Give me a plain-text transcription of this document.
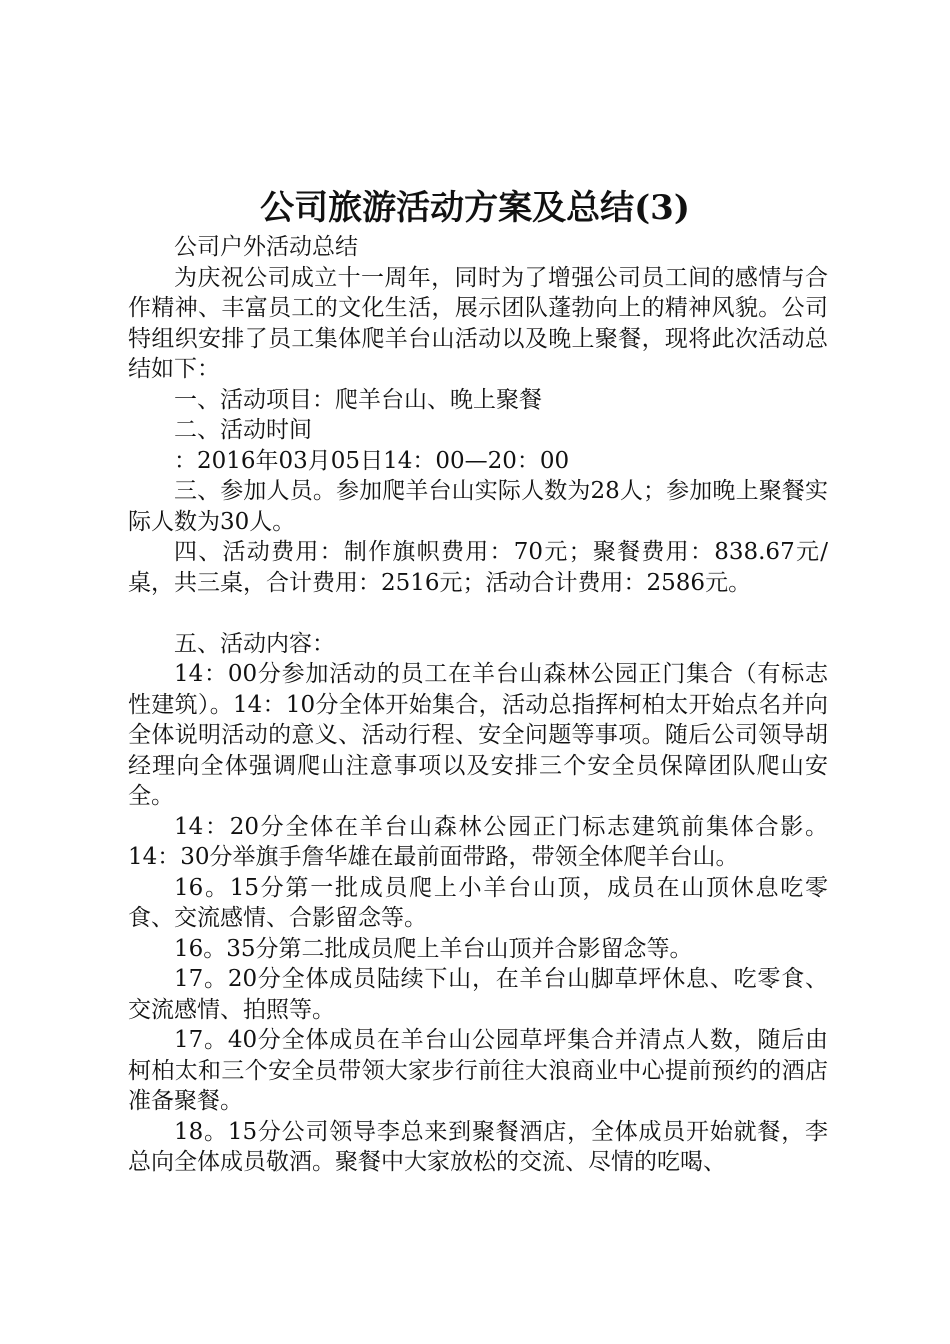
公司旅游活动方案及总结(3)

公司户外活动总结

为庆祝公司成立十一周年，同时为了增强公司员工间的感情与合作精神、丰富员工的文化生活，展示团队蓬勃向上的精神风貌。公司特组织安排了员工集体爬羊台山活动以及晚上聚餐，现将此次活动总结如下：

一、活动项目：爬羊台山、晚上聚餐

二、活动时间

：2016年03月05日14：00—20：00

三、参加人员。参加爬羊台山实际人数为28人；参加晚上聚餐实际人数为30人。

四、活动费用：制作旗帜费用：70元；聚餐费用：838.67元/桌，共三桌，合计费用：2516元；活动合计费用：2586元。

五、活动内容：

14：00分参加活动的员工在羊台山森林公园正门集合（有标志性建筑）。14：10分全体开始集合，活动总指挥柯柏太开始点名并向全体说明活动的意义、活动行程、安全问题等事项。随后公司领导胡经理向全体强调爬山注意事项以及安排三个安全员保障团队爬山安全。

14：20分全体在羊台山森林公园正门标志建筑前集体合影。14：30分举旗手詹华雄在最前面带路，带领全体爬羊台山。

16。15分第一批成员爬上小羊台山顶，成员在山顶休息吃零食、交流感情、合影留念等。

16。35分第二批成员爬上羊台山顶并合影留念等。

17。20分全体成员陆续下山，在羊台山脚草坪休息、吃零食、交流感情、拍照等。

17。40分全体成员在羊台山公园草坪集合并清点人数，随后由柯柏太和三个安全员带领大家步行前往大浪商业中心提前预约的酒店准备聚餐。

18。15分公司领导李总来到聚餐酒店，全体成员开始就餐，李总向全体成员敬酒。聚餐中大家放松的交流、尽情的吃喝、
